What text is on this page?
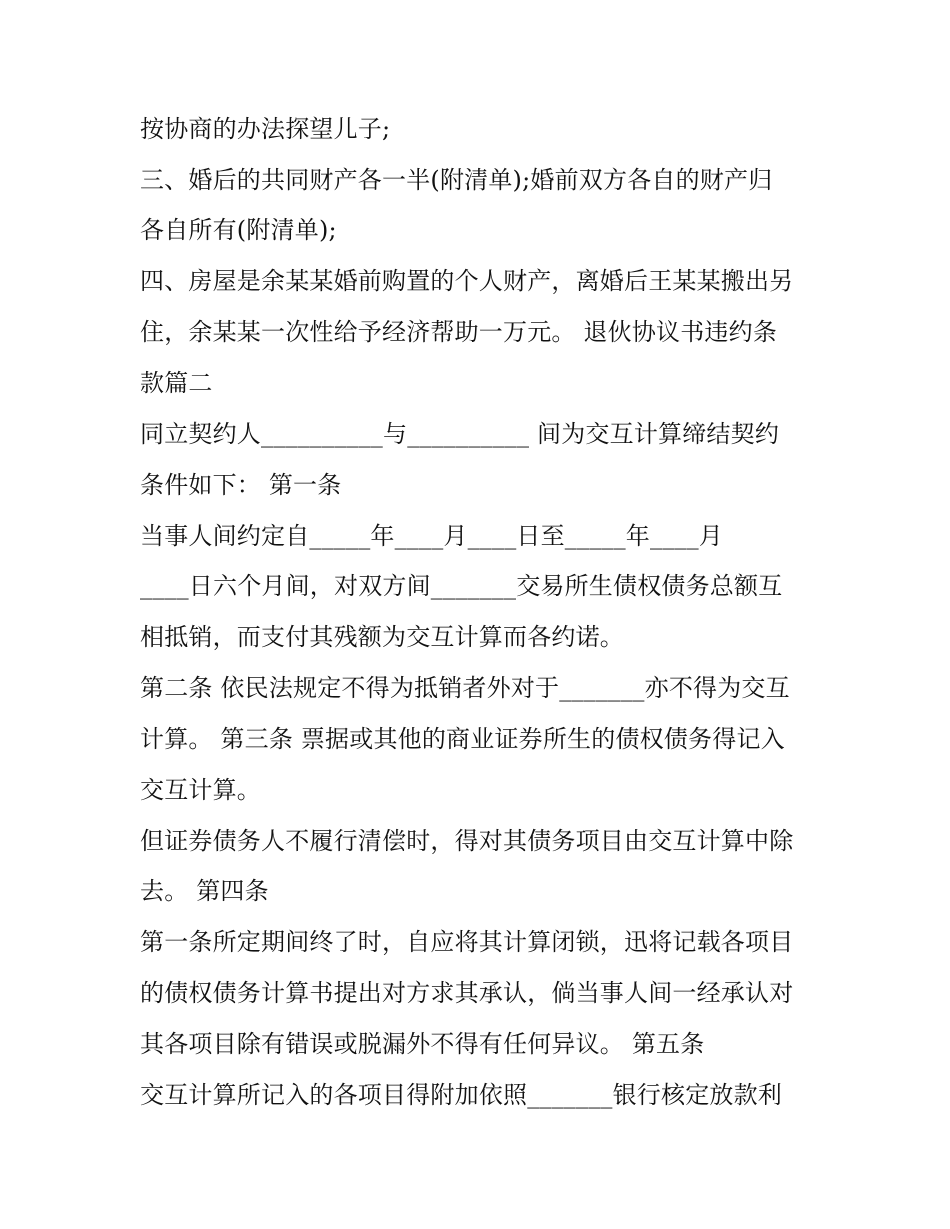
按协商的办法探望儿子;
三、婚后的共同财产各一半(附清单);婚前双方各自的财产归
各自所有(附清单);
四、房屋是余某某婚前购置的个人财产，离婚后王某某搬出另
住，余某某一次性给予经济帮助一万元。 退伙协议书违约条
款篇二
同立契约人__________与__________ 间为交互计算缔结契约
条件如下： 第一条
当事人间约定自_____年____月____日至_____年____月
____日六个月间，对双方间_______交易所生债权债务总额互
相抵销，而支付其残额为交互计算而各约诺。
第二条 依民法规定不得为抵销者外对于_______亦不得为交互
计算。 第三条 票据或其他的商业证券所生的债权债务得记入
交互计算。
但证券债务人不履行清偿时，得对其债务项目由交互计算中除
去。 第四条
第一条所定期间终了时，自应将其计算闭锁，迅将记载各项目
的债权债务计算书提出对方求其承认，倘当事人间一经承认对
其各项目除有错误或脱漏外不得有任何异议。 第五条
交互计算所记入的各项目得附加依照_______银行核定放款利
